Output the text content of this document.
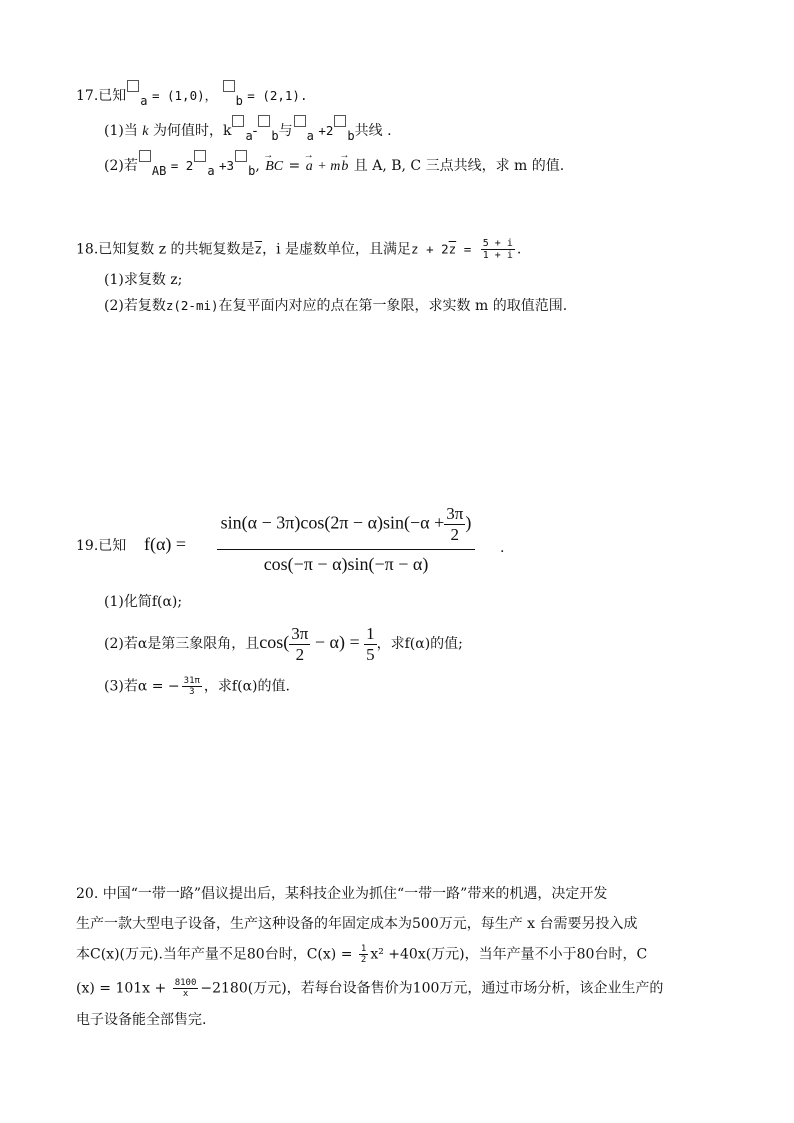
17.已知 a = (1,0)， b = (2,1).
(1)当 k 为何值时，k a- b与 a +2 b共线 .
(2)若 AB = 2 a +3 b, → BC = → a + m→ b 且 A, B, C 三点共线，求 m 的值.
18.已知复数 z 的共轭复数是$\overline{z}$，i 是虚数单位，且满足$z + 2\overline{z} = \frac{5 + i}{1 + i}$ .
(1)求复数 z;
(2)若复数z(2-mi)在复平面内对应的点在第一象限，求实数 m 的取值范围.
19.已知 $f(\alpha) = \frac{\sin(\alpha - 3\pi)\cos(2\pi - \alpha)\sin(-\alpha + \frac{3\pi}{2} )}{\cos(-\pi - \alpha)\sin(-\pi - \alpha)}$ .
(1)化简f(α);
(2)若α是第三象限角，且$\cos( \frac{3\pi}{2} - \alpha) = \frac{1}{5}$ ，求f(α)的值;
(3)若α = − $\frac{31\pi}{3}$ ，求f(α)的值.
20. 中国“一带一路”倡议提出后，某科技企业为抓住“一带一路”带来的机遇，决定开发
生产一款大型电子设备，生产这种设备的年固定成本为500万元，每生产 x 台需要另投入成
本C(x)(万元).当年产量不足80台时，$C(x) = \frac{1}{2} x^2 +40x$(万元)，当年产量不小于80台时，C
$(x) = 101x + \frac{8100}{x} -2180$(万元)，若每台设备售价为100万元，通过市场分析，该企业生产的
电子设备能全部售完.
